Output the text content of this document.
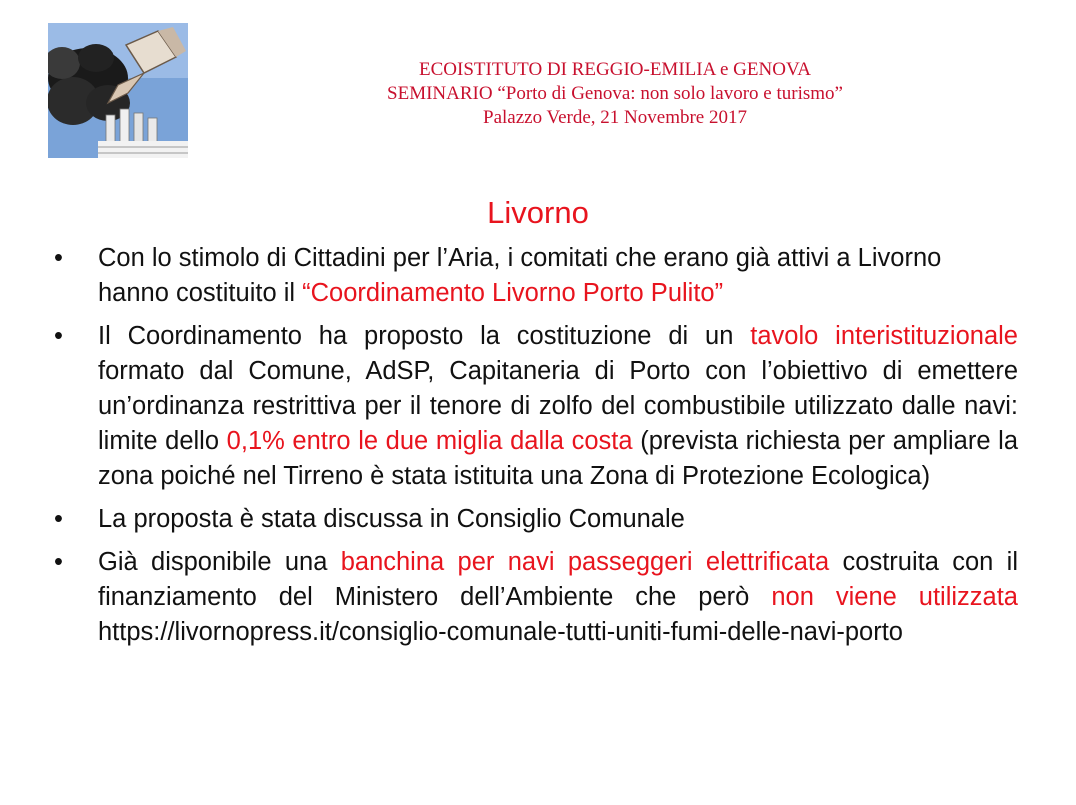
ECOISTITUTO DI REGGIO-EMILIA e GENOVA
SEMINARIO “Porto di Genova: non solo lavoro e turismo”
Palazzo Verde, 21 Novembre 2017
Livorno
• Con lo stimolo di Cittadini per l’Aria, i comitati che erano già attivi a Livorno hanno costituito il “Coordinamento Livorno Porto Pulito”
• Il Coordinamento ha proposto la costituzione di un tavolo interistituzionale formato dal Comune, AdSP, Capitaneria di Porto con l’obiettivo di emettere un’ordinanza restrittiva per il tenore di zolfo del combustibile utilizzato dalle navi: limite dello 0,1% entro le due miglia dalla costa (prevista richiesta per ampliare la zona poiché nel Tirreno è stata istituita una Zona di Protezione Ecologica)
• La proposta è stata discussa in Consiglio Comunale
• Già disponibile una banchina per navi passeggeri elettrificata costruita con il finanziamento del Ministero dell’Ambiente che però non viene utilizzata https://livornopress.it/consiglio-comunale-tutti-uniti-fumi-delle-navi-porto
